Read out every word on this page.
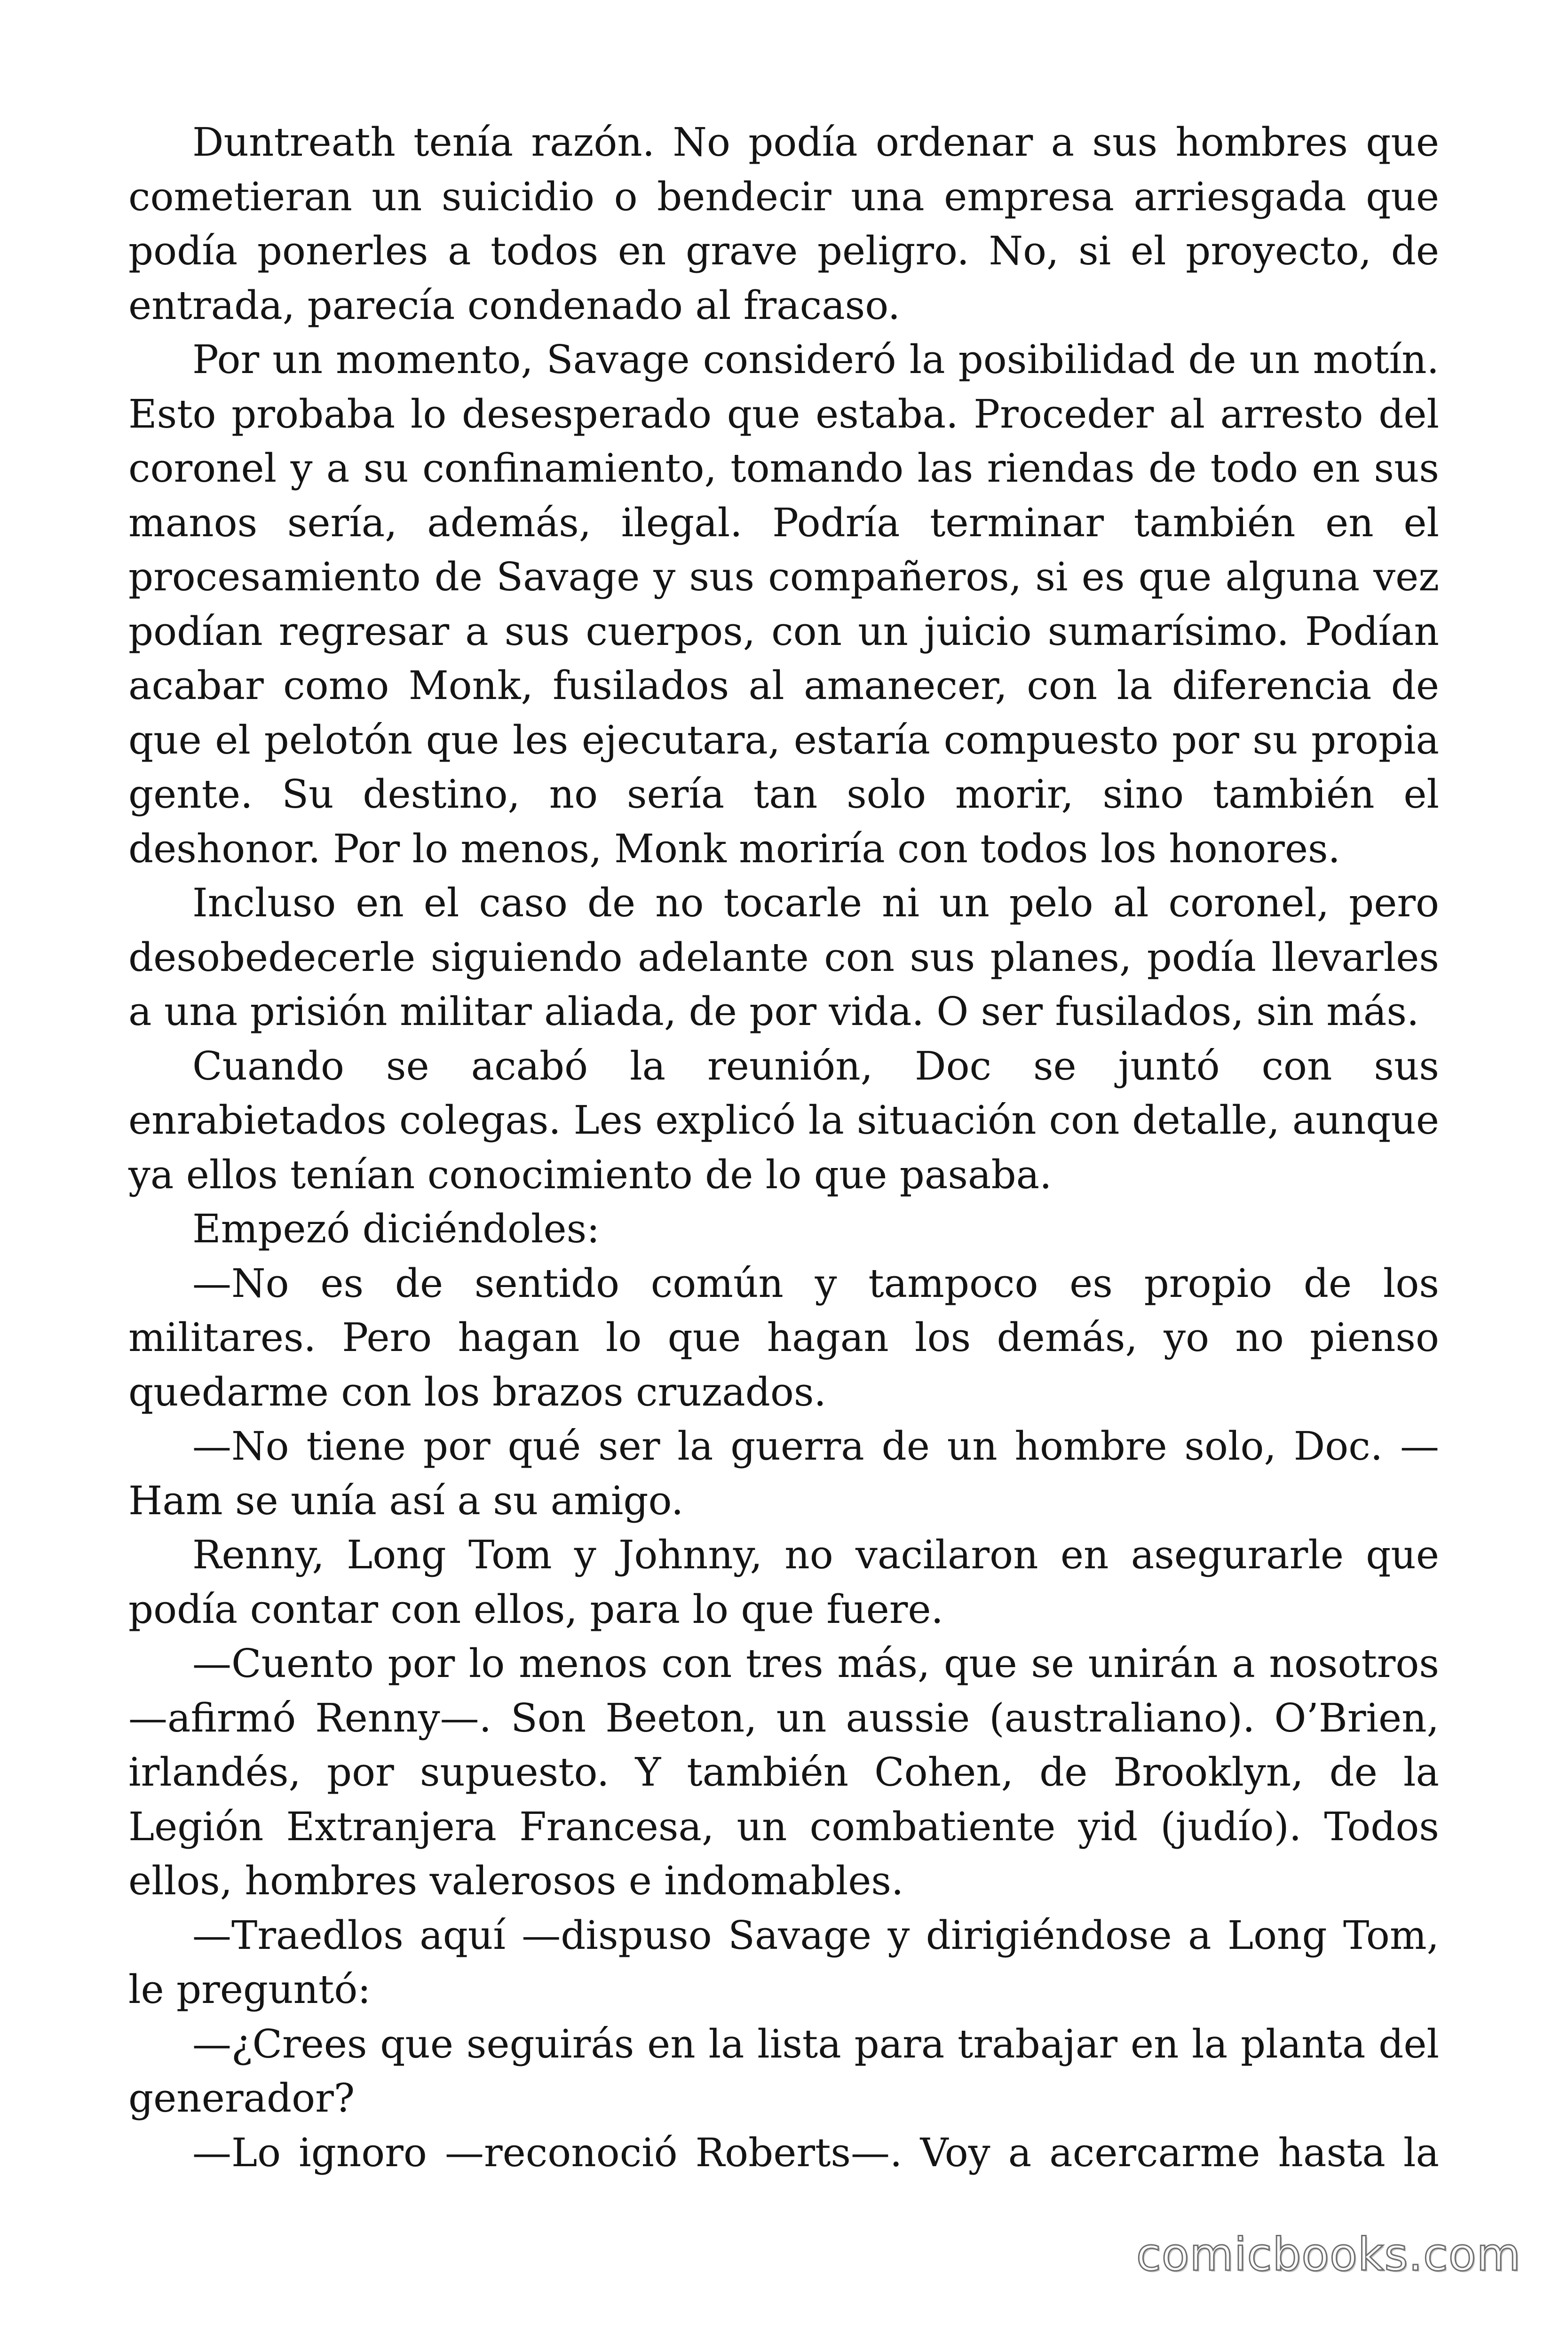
Duntreath tenía razón. No podía ordenar a sus hombres que cometieran un suicidio o bendecir una empresa arriesgada que podía ponerles a todos en grave peligro. No, si el proyecto, de entrada, parecía condenado al fracaso.

Por un momento, Savage consideró la posibilidad de un motín. Esto probaba lo desesperado que estaba. Proceder al arresto del coronel y a su confinamiento, tomando las riendas de todo en sus manos sería, además, ilegal. Podría terminar también en el procesamiento de Savage y sus compañeros, si es que alguna vez podían regresar a sus cuerpos, con un juicio sumarísimo. Podían acabar como Monk, fusilados al amanecer, con la diferencia de que el pelotón que les ejecutara, estaría compuesto por su propia gente. Su destino, no sería tan solo morir, sino también el deshonor. Por lo menos, Monk moriría con todos los honores.

Incluso en el caso de no tocarle ni un pelo al coronel, pero desobedecerle siguiendo adelante con sus planes, podía llevarles a una prisión militar aliada, de por vida. O ser fusilados, sin más.

Cuando se acabó la reunión, Doc se juntó con sus enrabietados colegas. Les explicó la situación con detalle, aunque ya ellos tenían conocimiento de lo que pasaba.

Empezó diciéndoles:

—No es de sentido común y tampoco es propio de los militares. Pero hagan lo que hagan los demás, yo no pienso quedarme con los brazos cruzados.

—No tiene por qué ser la guerra de un hombre solo, Doc. —Ham se unía así a su amigo.

Renny, Long Tom y Johnny, no vacilaron en asegurarle que podía contar con ellos, para lo que fuere.

—Cuento por lo menos con tres más, que se unirán a nosotros —afirmó Renny—. Son Beeton, un aussie (australiano). O’Brien, irlandés, por supuesto. Y también Cohen, de Brooklyn, de la Legión Extranjera Francesa, un combatiente yid (judío). Todos ellos, hombres valerosos e indomables.

—Traedlos aquí —dispuso Savage y dirigiéndose a Long Tom, le preguntó:

—¿Crees que seguirás en la lista para trabajar en la planta del generador?

—Lo ignoro —reconoció Roberts—. Voy a acercarme hasta la

comicbooks.com
